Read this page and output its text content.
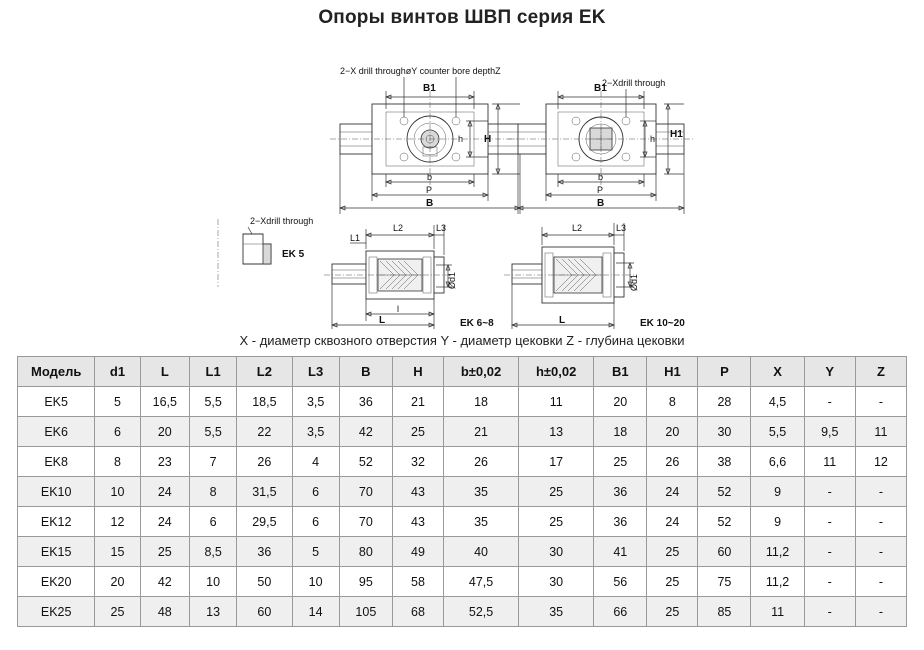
Опоры винтов ШВП серия EK
B1
2−X drill throughøY counter bore depthZ
b
P
B
h H
B1
2−Xdrill through
b
P
B
h H1
2−Xdrill through
EK 5
L2	L3
L1
Ød1
l
L	EK 6~8
L2	L3
Ød1
L	EK 10~20
X - диаметр сквозного отверстия Y - диаметр цековки Z - глубина цековки
Модель	d1	L	L1	L2	L3	B	H	b±0,02	h±0,02	B1	H1	P	X	Y	Z
EK5	5	16,5	5,5	18,5	3,5	36	21	18	11	20	8	28	4,5	-	-
EK6	6	20	5,5	22	3,5	42	25	21	13	18	20	30	5,5	9,5	11
EK8	8	23	7	26	4	52	32	26	17	25	26	38	6,6	11	12
EK10	10	24	8	31,5	6	70	43	35	25	36	24	52	9	-	-
EK12	12	24	6	29,5	6	70	43	35	25	36	24	52	9	-	-
EK15	15	25	8,5	36	5	80	49	40	30	41	25	60	11,2	-	-
EK20	20	42	10	50	10	95	58	47,5	30	56	25	75	11,2	-	-
EK25	25	48	13	60	14	105	68	52,5	35	66	25	85	11	-	-
